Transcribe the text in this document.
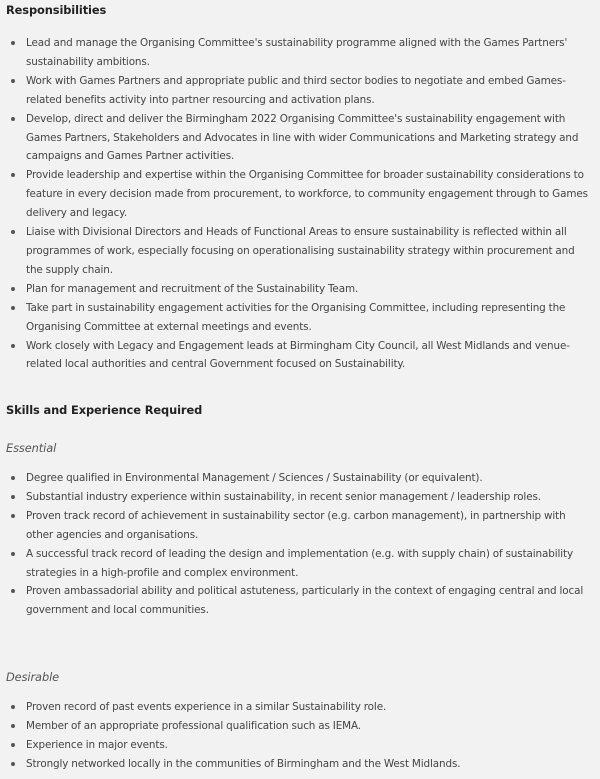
Responsibilities
Lead and manage the Organising Committee's sustainability programme aligned with the Games Partners' sustainability ambitions.
Work with Games Partners and appropriate public and third sector bodies to negotiate and embed Games-related benefits activity into partner resourcing and activation plans.
Develop, direct and deliver the Birmingham 2022 Organising Committee's sustainability engagement with Games Partners, Stakeholders and Advocates in line with wider Communications and Marketing strategy and campaigns and Games Partner activities.
Provide leadership and expertise within the Organising Committee for broader sustainability considerations to feature in every decision made from procurement, to workforce, to community engagement through to Games delivery and legacy.
Liaise with Divisional Directors and Heads of Functional Areas to ensure sustainability is reflected within all programmes of work, especially focusing on operationalising sustainability strategy within procurement and the supply chain.
Plan for management and recruitment of the Sustainability Team.
Take part in sustainability engagement activities for the Organising Committee, including representing the Organising Committee at external meetings and events.
Work closely with Legacy and Engagement leads at Birmingham City Council, all West Midlands and venue-related local authorities and central Government focused on Sustainability.
Skills and Experience Required

Essential

Degree qualified in Environmental Management / Sciences / Sustainability (or equivalent).
Substantial industry experience within sustainability, in recent senior management / leadership roles.
Proven track record of achievement in sustainability sector (e.g. carbon management), in partnership with other agencies and organisations.
A successful track record of leading the design and implementation (e.g. with supply chain) of sustainability strategies in a high-profile and complex environment.
Proven ambassadorial ability and political astuteness, particularly in the context of engaging central and local government and local communities.

Desirable

Proven record of past events experience in a similar Sustainability role.
Member of an appropriate professional qualification such as IEMA.
Experience in major events.
Strongly networked locally in the communities of Birmingham and the West Midlands.
